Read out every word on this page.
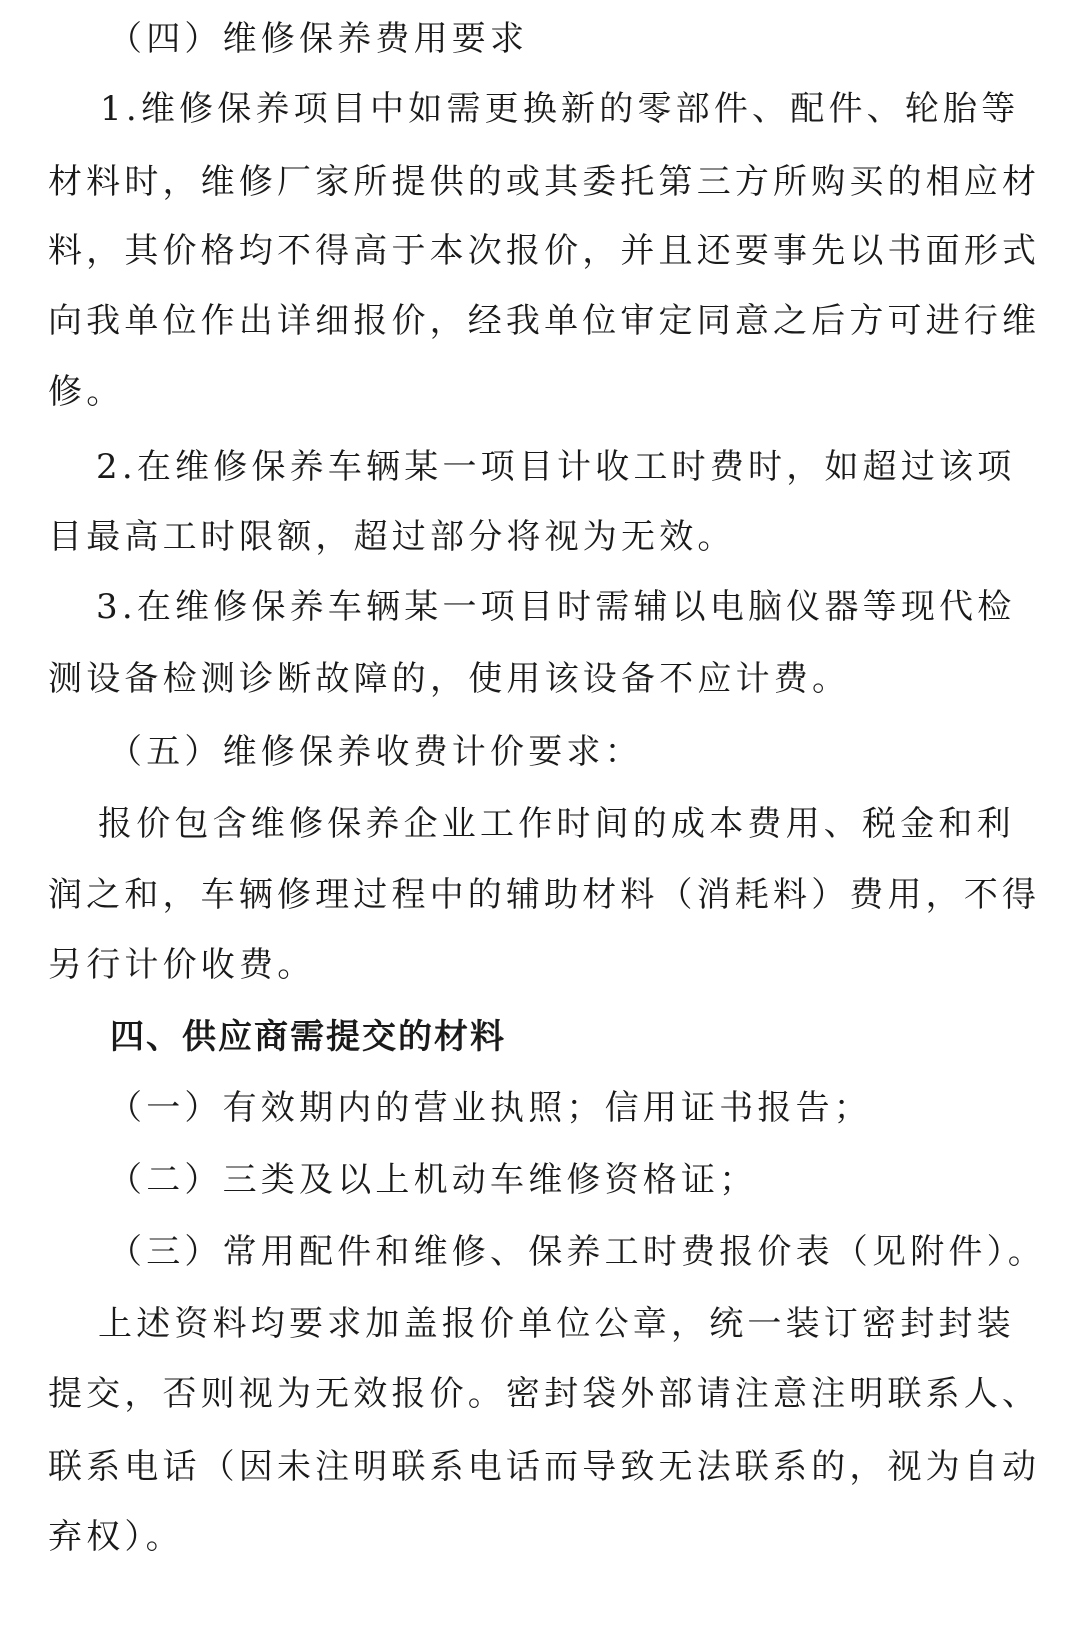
（四）维修保养费用要求
1.维修保养项目中如需更换新的零部件、配件、轮胎等
材料时，维修厂家所提供的或其委托第三方所购买的相应材
料，其价格均不得高于本次报价，并且还要事先以书面形式
向我单位作出详细报价，经我单位审定同意之后方可进行维
修。
2.在维修保养车辆某一项目计收工时费时，如超过该项
目最高工时限额，超过部分将视为无效。
3.在维修保养车辆某一项目时需辅以电脑仪器等现代检
测设备检测诊断故障的，使用该设备不应计费。
（五）维修保养收费计价要求：
报价包含维修保养企业工作时间的成本费用、税金和利
润之和，车辆修理过程中的辅助材料（消耗料）费用，不得
另行计价收费。
四、供应商需提交的材料
（一）有效期内的营业执照；信用证书报告；
（二）三类及以上机动车维修资格证；
（三）常用配件和维修、保养工时费报价表（见附件）。
上述资料均要求加盖报价单位公章，统一装订密封封装
提交，否则视为无效报价。密封袋外部请注意注明联系人、
联系电话（因未注明联系电话而导致无法联系的，视为自动
弃权）。
